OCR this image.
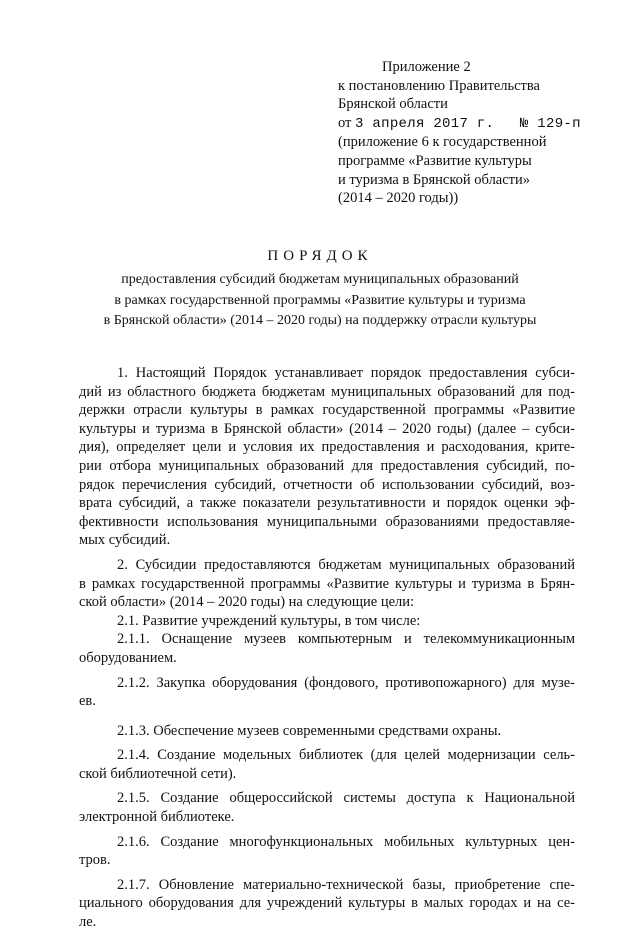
Приложение 2
к постановлению Правительства
Брянской области
от 3 апреля 2017 г. № 129-п
(приложение 6 к государственной
программе «Развитие культуры
и туризма в Брянской области»
(2014 – 2020 годы))
ПОРЯДОК
предоставления субсидий бюджетам муниципальных образований
в рамках государственной программы «Развитие культуры и туризма
в Брянской области» (2014 – 2020 годы) на поддержку отрасли культуры
1. Настоящий Порядок устанавливает порядок предоставления субси-
дий из областного бюджета бюджетам муниципальных образований для под-
держки отрасли культуры в рамках государственной программы «Развитие
культуры и туризма в Брянской области» (2014 – 2020 годы) (далее – субси-
дия), определяет цели и условия их предоставления и расходования, крите-
рии отбора муниципальных образований для предоставления субсидий, по-
рядок перечисления субсидий, отчетности об использовании субсидий, воз-
врата субсидий, а также показатели результативности и порядок оценки эф-
фективности использования муниципальными образованиями предоставляе-
мых субсидий.
2. Субсидии предоставляются бюджетам муниципальных образований
в рамках государственной программы «Развитие культуры и туризма в Брян-
ской области» (2014 – 2020 годы) на следующие цели:
2.1. Развитие учреждений культуры, в том числе:
2.1.1. Оснащение музеев компьютерным и телекоммуникационным
оборудованием.
2.1.2. Закупка оборудования (фондового, противопожарного) для музе-
ев.
2.1.3. Обеспечение музеев современными средствами охраны.
2.1.4. Создание модельных библиотек (для целей модернизации сель-
ской библиотечной сети).
2.1.5. Создание общероссийской системы доступа к Национальной
электронной библиотеке.
2.1.6. Создание многофункциональных мобильных культурных цен-
тров.
2.1.7. Обновление материально-технической базы, приобретение спе-
циального оборудования для учреждений культуры в малых городах и на се-
ле.
